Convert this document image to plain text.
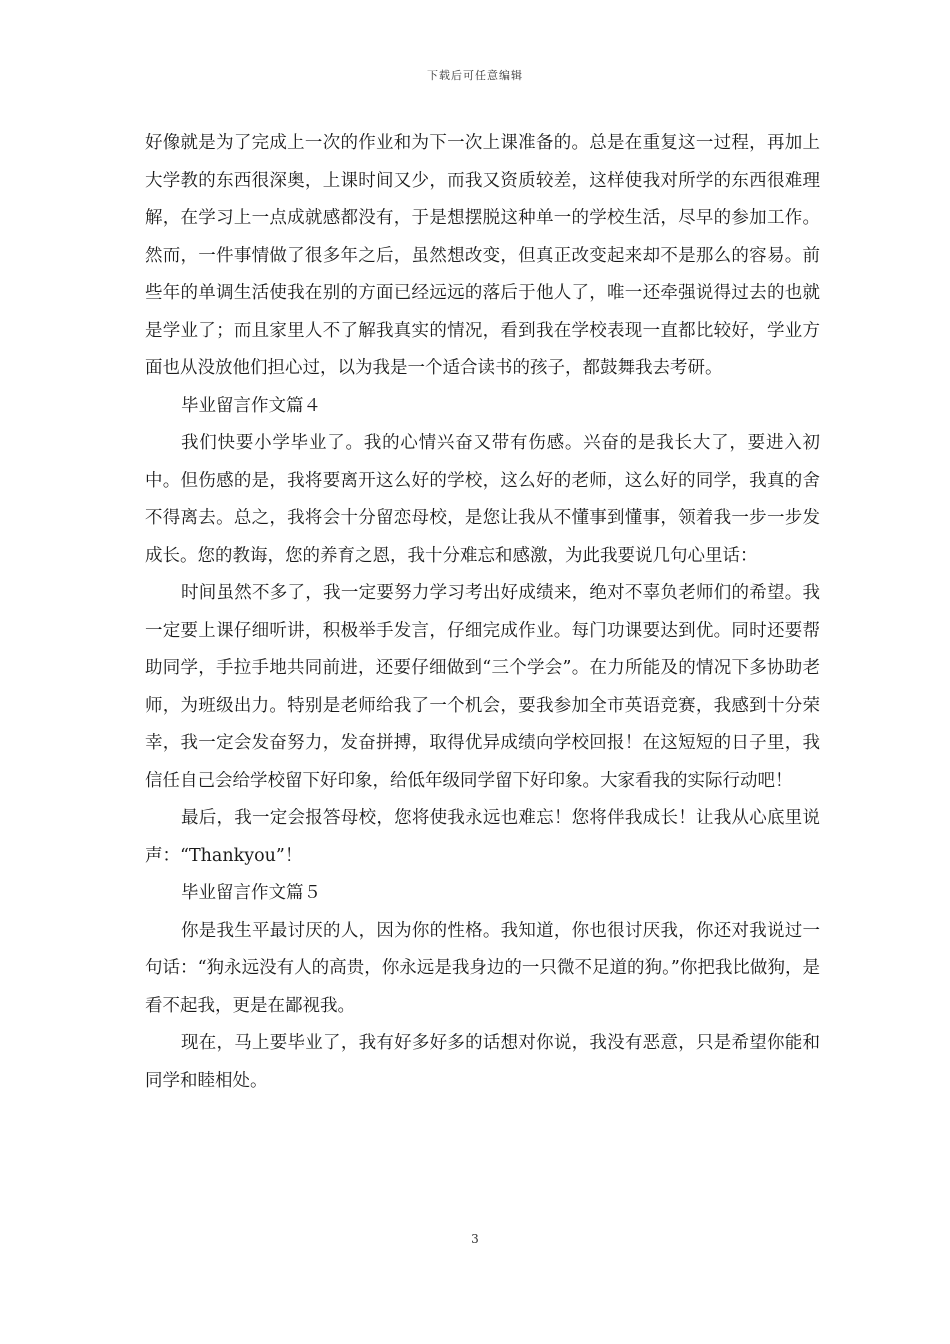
下载后可任意编辑

好像就是为了完成上一次的作业和为下一次上课准备的。总是在重复这一过程，再加上大学教的东西很深奥，上课时间又少，而我又资质较差，这样使我对所学的东西很难理解，在学习上一点成就感都没有，于是想摆脱这种单一的学校生活，尽早的参加工作。然而，一件事情做了很多年之后，虽然想改变，但真正改变起来却不是那么的容易。前些年的单调生活使我在别的方面已经远远的落后于他人了，唯一还牵强说得过去的也就是学业了；而且家里人不了解我真实的情况，看到我在学校表现一直都比较好，学业方面也从没放他们担心过，以为我是一个适合读书的孩子，都鼓舞我去考研。

毕业留言作文篇４

我们快要小学毕业了。我的心情兴奋又带有伤感。兴奋的是我长大了，要进入初中。但伤感的是，我将要离开这么好的学校，这么好的老师，这么好的同学，我真的舍不得离去。总之，我将会十分留恋母校，是您让我从不懂事到懂事，领着我一步一步发成长。您的教诲，您的养育之恩，我十分难忘和感激，为此我要说几句心里话：

时间虽然不多了，我一定要努力学习考出好成绩来，绝对不辜负老师们的希望。我一定要上课仔细听讲，积极举手发言，仔细完成作业。每门功课要达到优。同时还要帮助同学，手拉手地共同前进，还要仔细做到“三个学会”。在力所能及的情况下多协助老师，为班级出力。特别是老师给我了一个机会，要我参加全市英语竞赛，我感到十分荣幸，我一定会发奋努力，发奋拼搏，取得优异成绩向学校回报！在这短短的日子里，我信任自己会给学校留下好印象，给低年级同学留下好印象。大家看我的实际行动吧！

最后，我一定会报答母校，您将使我永远也难忘！您将伴我成长！让我从心底里说声：“Thankyou”！

毕业留言作文篇５

你是我生平最讨厌的人，因为你的性格。我知道，你也很讨厌我，你还对我说过一句话：“狗永远没有人的高贵，你永远是我身边的一只微不足道的狗。”你把我比做狗，是看不起我，更是在鄙视我。

现在，马上要毕业了，我有好多好多的话想对你说，我没有恶意，只是希望你能和同学和睦相处。

3
